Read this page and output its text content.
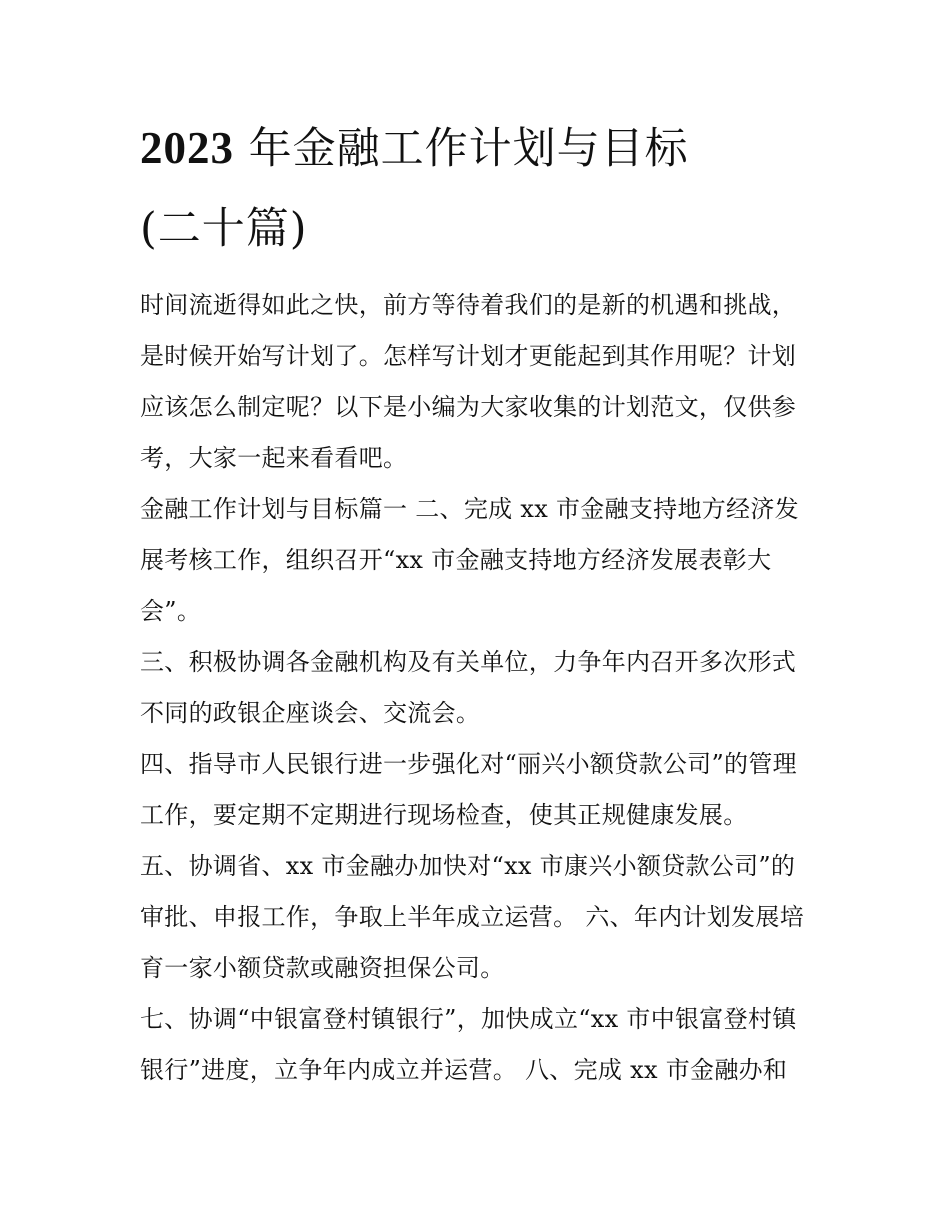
2023 年金融工作计划与目标
(二十篇)

时间流逝得如此之快，前方等待着我们的是新的机遇和挑战，是时候开始写计划了。怎样写计划才更能起到其作用呢？计划应该怎么制定呢？以下是小编为大家收集的计划范文，仅供参考，大家一起来看看吧。

金融工作计划与目标篇一 二、完成 xx 市金融支持地方经济发展考核工作，组织召开“xx 市金融支持地方经济发展表彰大会”。

三、积极协调各金融机构及有关单位，力争年内召开多次形式不同的政银企座谈会、交流会。

四、指导市人民银行进一步强化对“丽兴小额贷款公司”的管理工作，要定期不定期进行现场检查，使其正规健康发展。

五、协调省、xx 市金融办加快对“xx 市康兴小额贷款公司”的审批、申报工作，争取上半年成立运营。 六、年内计划发展培育一家小额贷款或融资担保公司。

七、协调“中银富登村镇银行”，加快成立“xx 市中银富登村镇银行”进度，立争年内成立并运营。 八、完成 xx 市金融办和
